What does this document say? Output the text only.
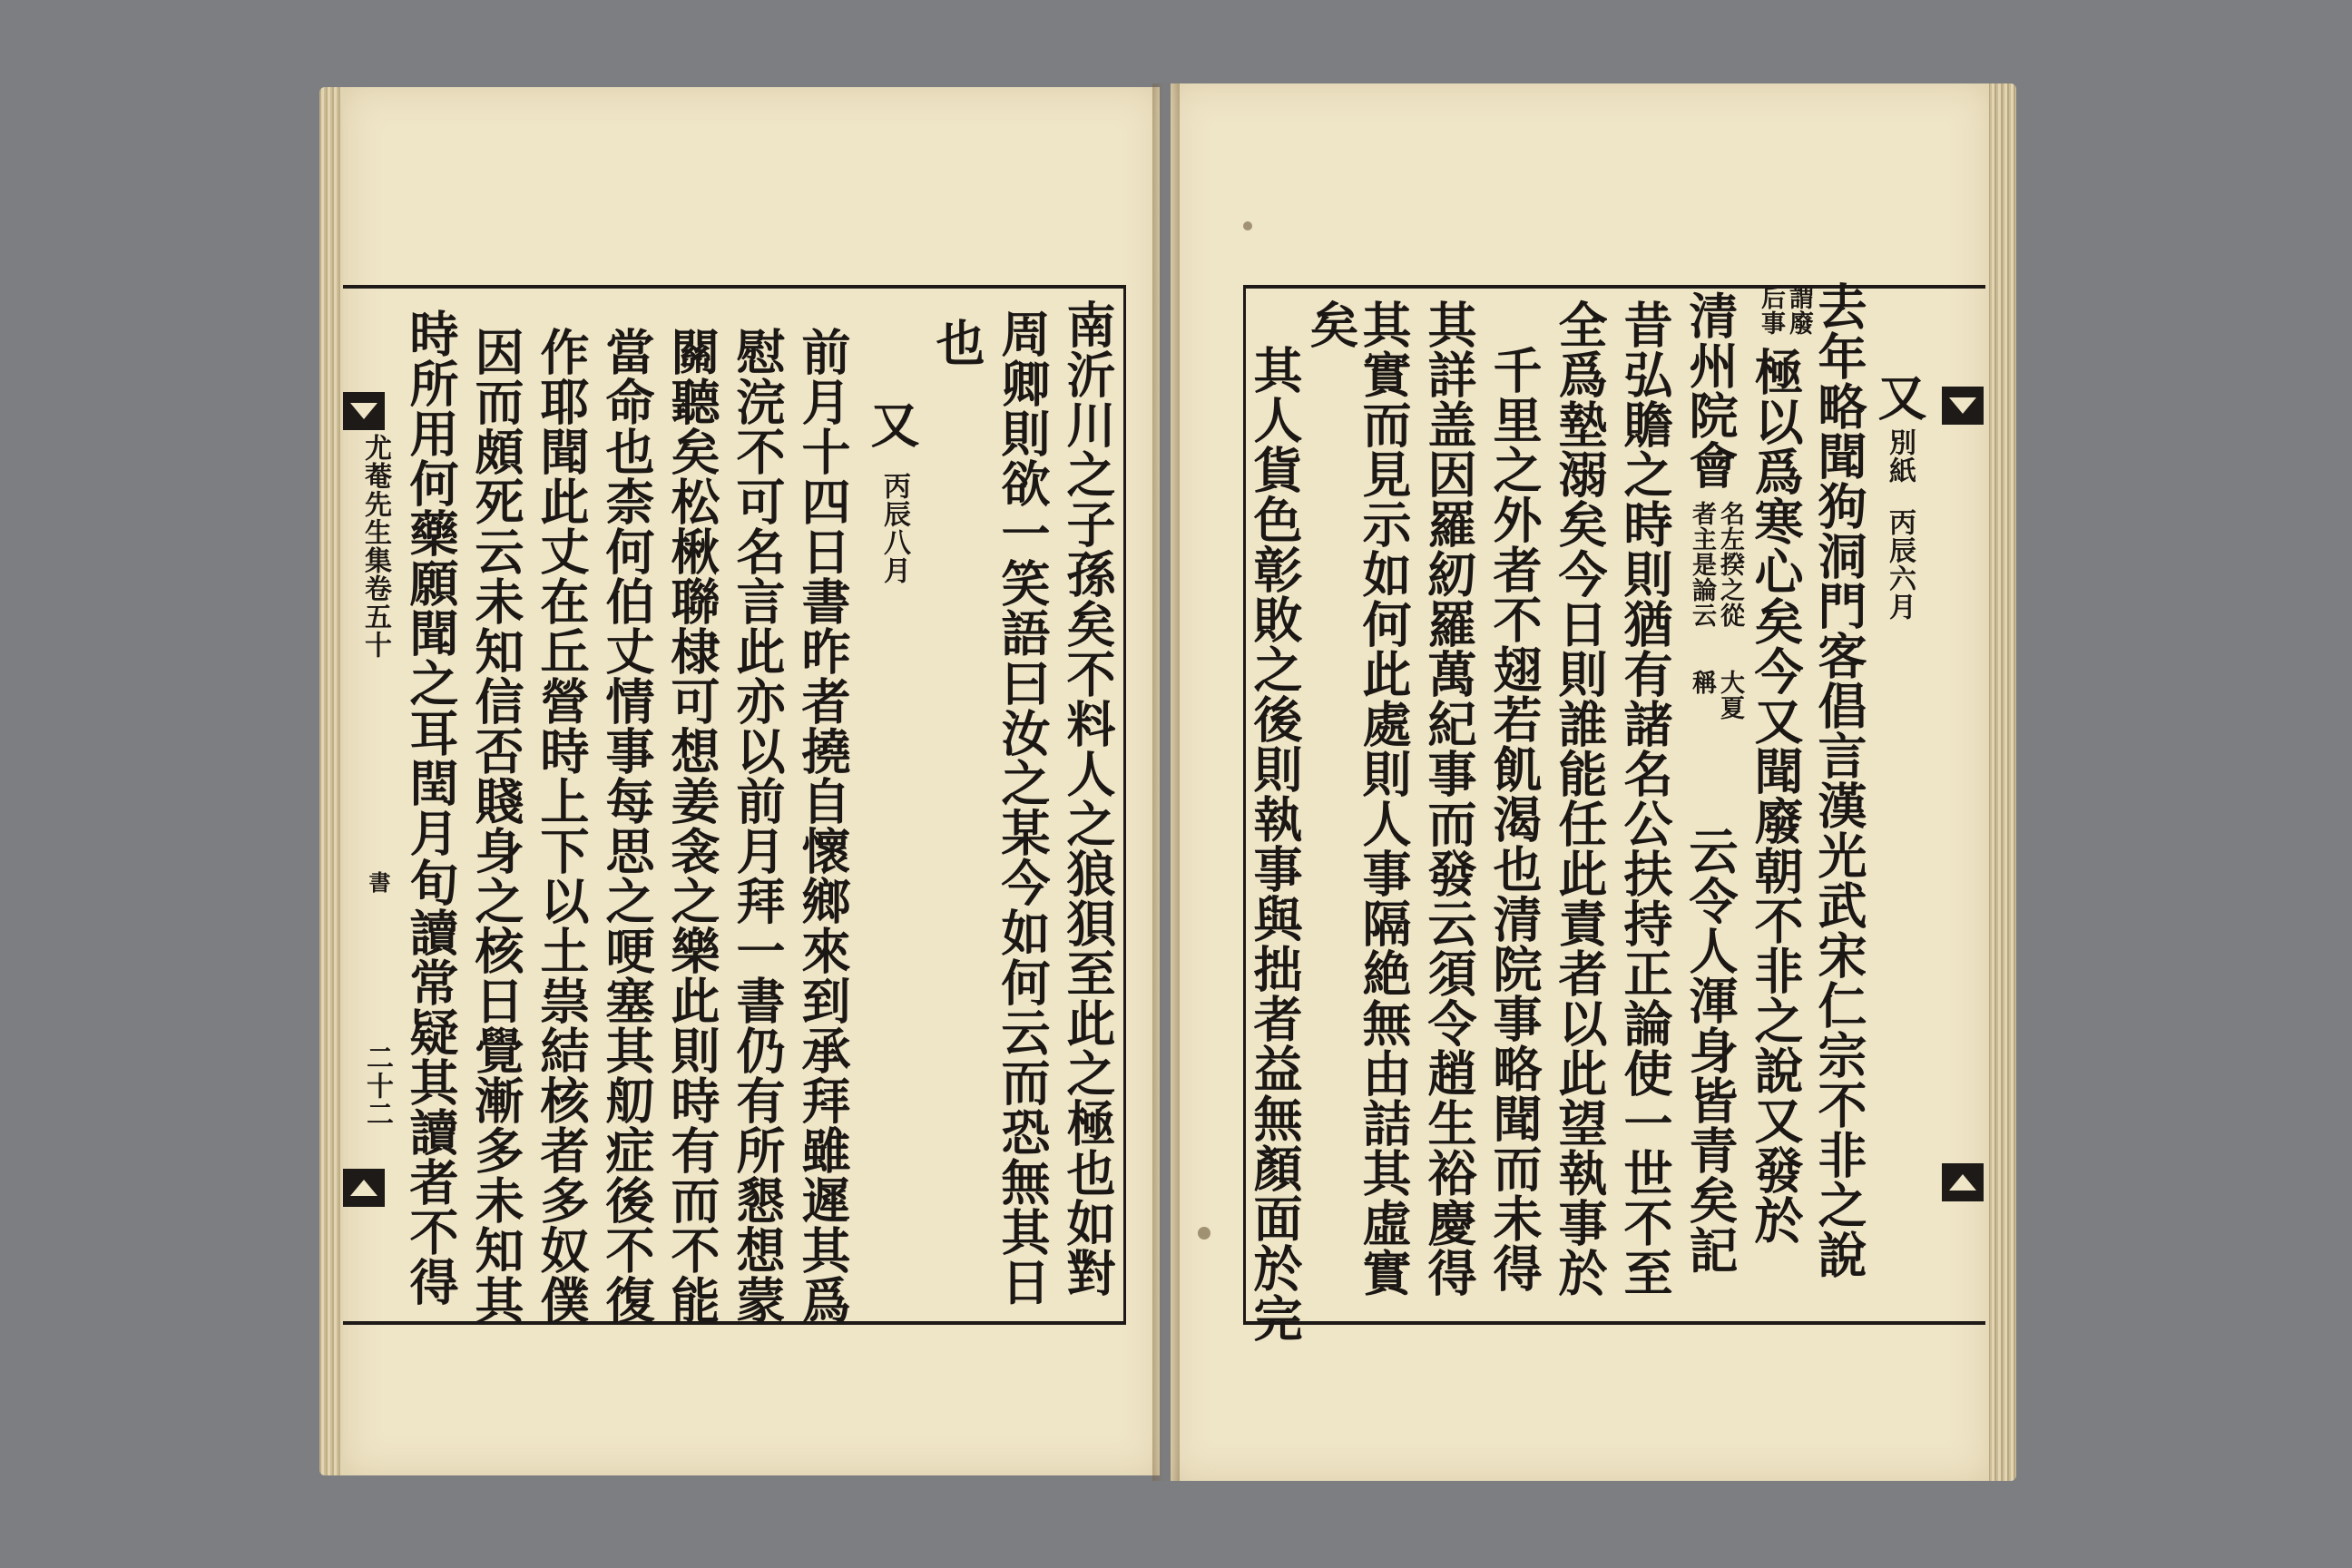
尤菴先生集卷五十
書
二十二	南沂川之子孫矣不料人之狼狽至此之極也如對
周卿則欲一笑語曰汝之某今如何云而恐無其日
也
又
丙辰八月
前月十四日書昨者撓自懷鄉來到承拜雖遲其爲
慰浣不可名言此亦以前月拜一書仍有所懇想蒙
關聽矣松楸聯棣可想姜衾之樂此則時有而不能
當命也柰何伯丈情事每思之哽塞其舠症後不復
作耶聞此丈在丘營時上下以土祟結核者多奴僕
因而頗死云未知信否賤身之核日覺漸多未知其
時所用何藥願聞之耳閏月旬讀常疑其讀者不得	又
別紙
丙辰六月
去年略聞狗洞門客倡言漢光武宋仁宗不非之說
后事 謂廢
極以爲寒心矣今又聞廢朝不非之說又發於
清州院會
者主是論云 名左揆之從
稱 大夏
云令人渾身皆青矣記
昔弘贍之時則猶有諸名公扶持正論使一世不至
全爲墊溺矣今日則誰能任此責者以此望執事於
千里之外者不翅若飢渴也清院事略聞而未得
其詳盖因羅紉羅萬紀事而發云須令趙生裕慶得
其實而見示如何此處則人事隔絶無由詰其虛實
矣
其人貨色彰敗之後則執事與拙者益無顏面於完
